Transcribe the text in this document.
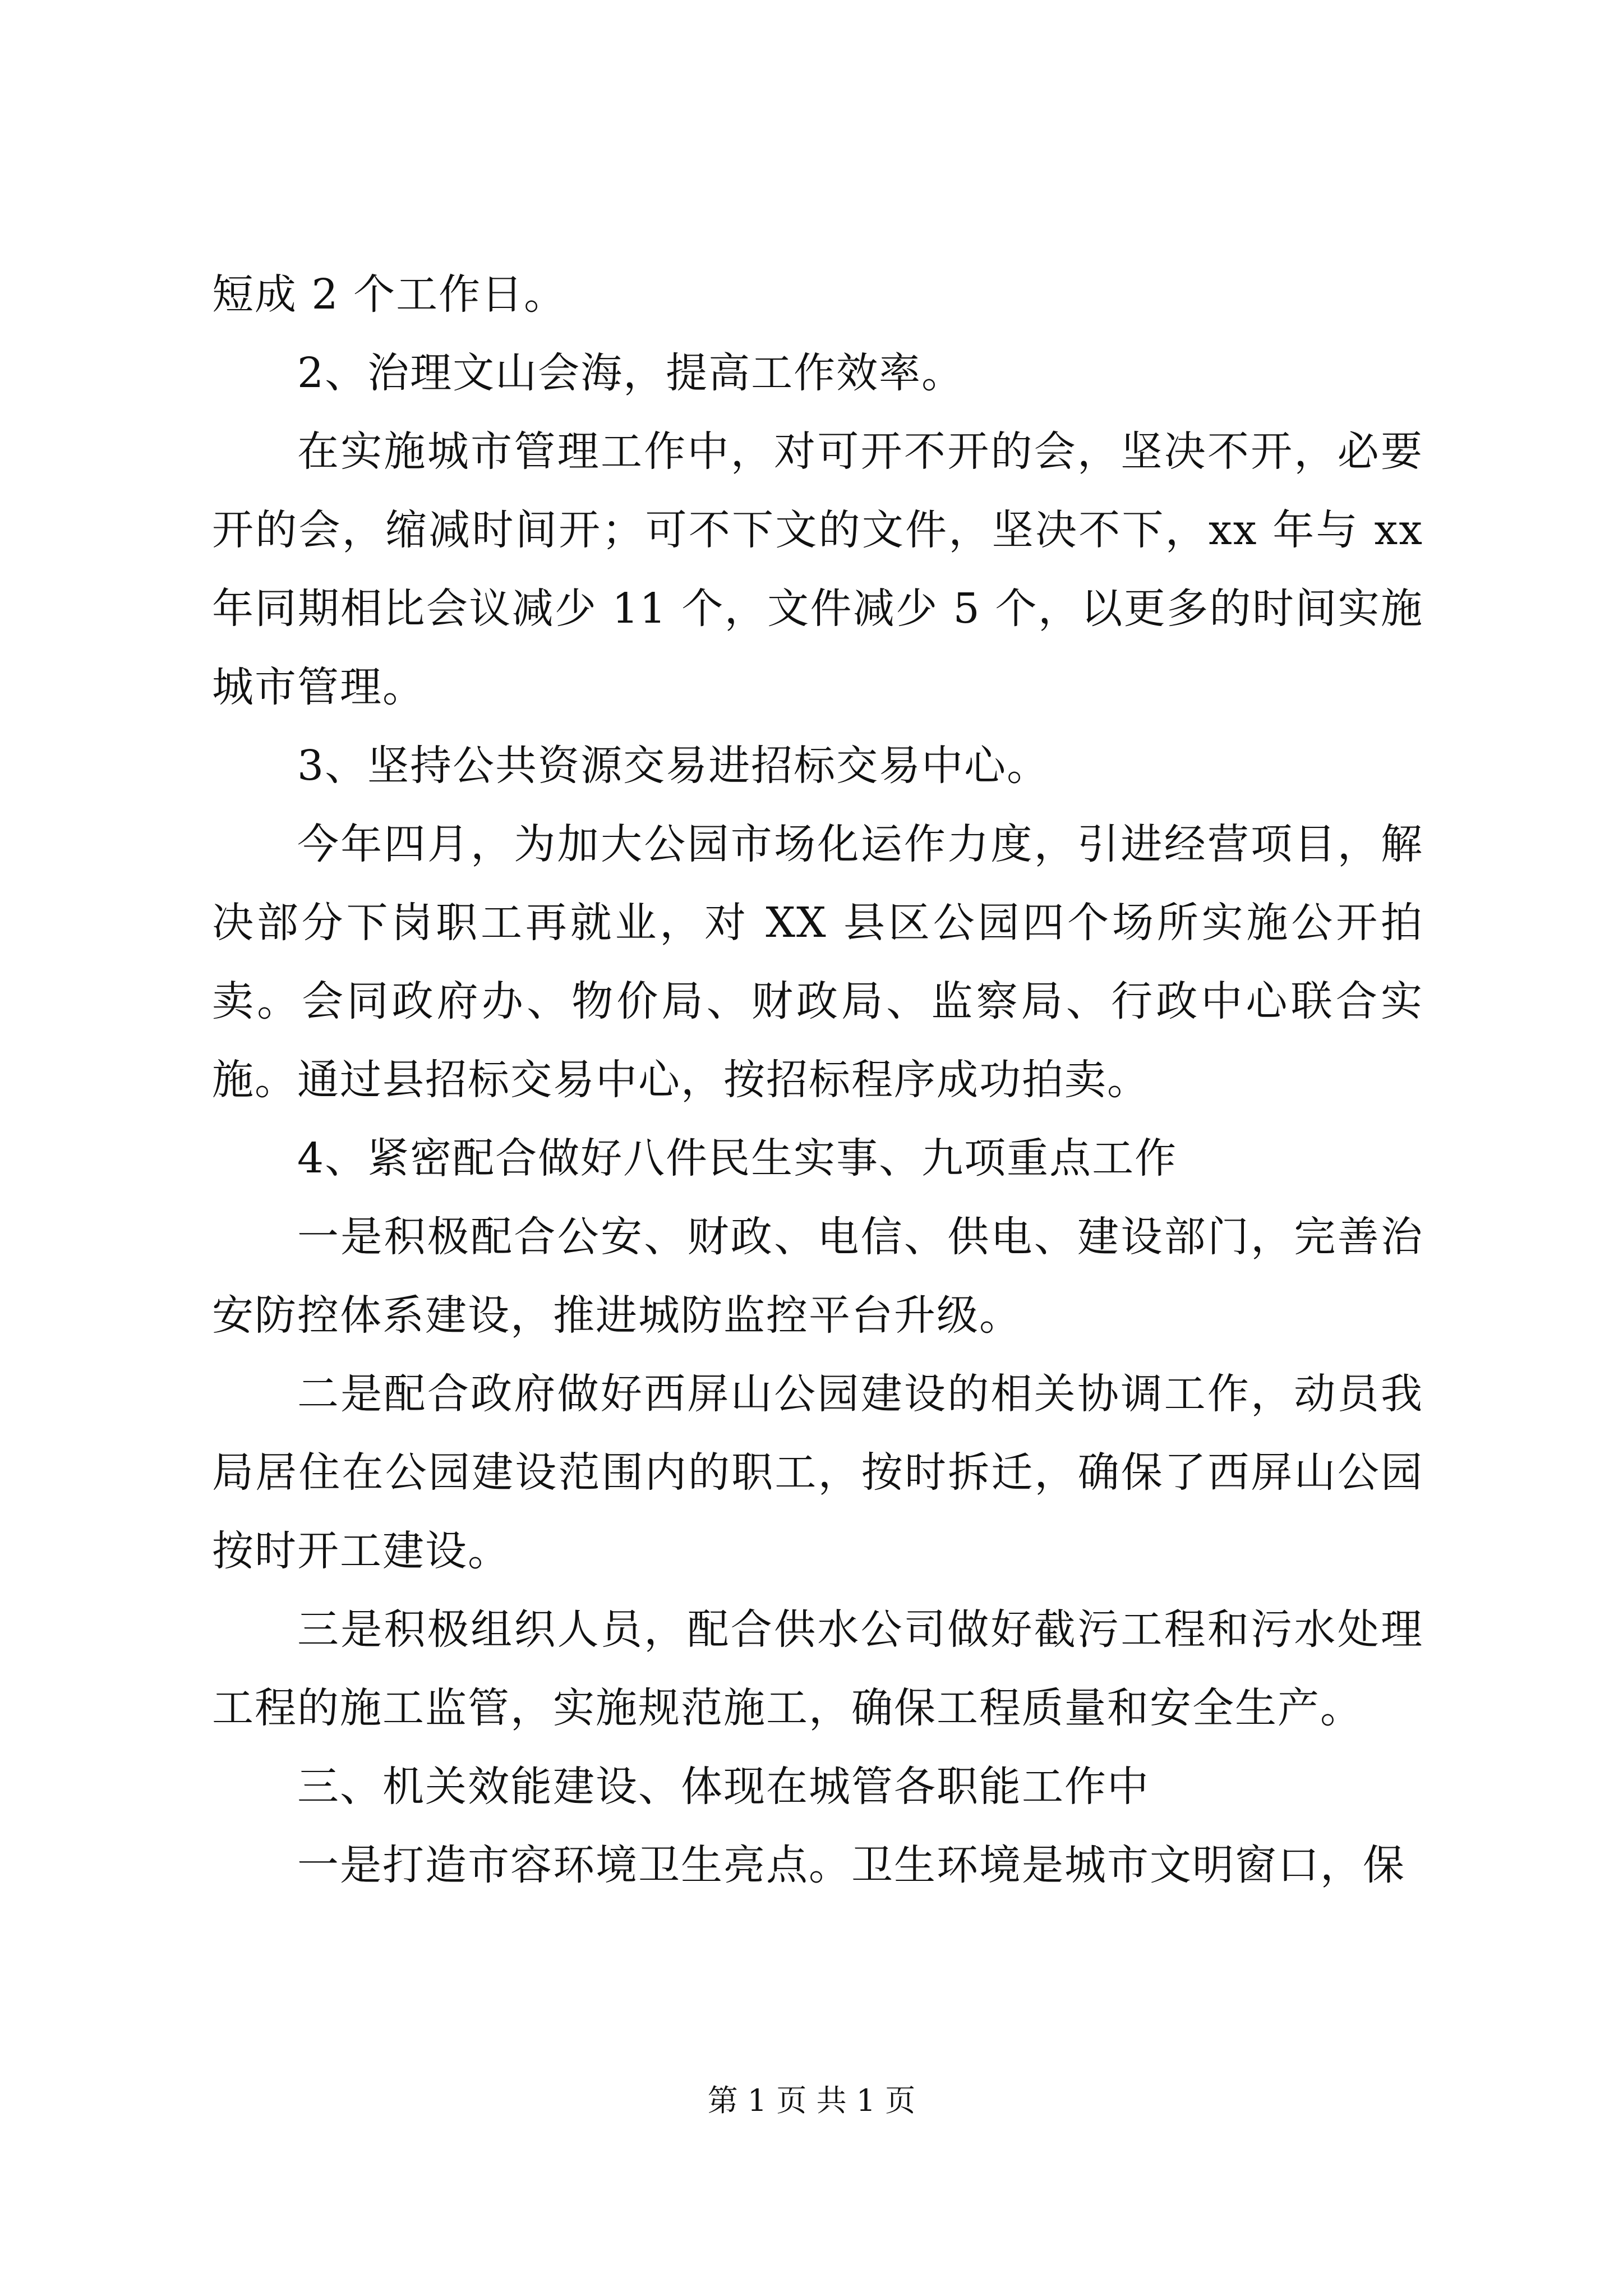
短成 2 个工作日。

2、治理文山会海，提高工作效率。

在实施城市管理工作中，对可开不开的会，坚决不开，必要开的会，缩减时间开；可不下文的文件，坚决不下，xx 年与 xx 年同期相比会议减少 11 个，文件减少 5 个，以更多的时间实施城市管理。

3、坚持公共资源交易进招标交易中心。

今年四月，为加大公园市场化运作力度，引进经营项目，解决部分下岗职工再就业，对 XX 县区公园四个场所实施公开拍卖。会同政府办、物价局、财政局、监察局、行政中心联合实施。通过县招标交易中心，按招标程序成功拍卖。

4、紧密配合做好八件民生实事、九项重点工作

一是积极配合公安、财政、电信、供电、建设部门，完善治安防控体系建设，推进城防监控平台升级。

二是配合政府做好西屏山公园建设的相关协调工作，动员我局居住在公园建设范围内的职工，按时拆迁，确保了西屏山公园按时开工建设。

三是积极组织人员，配合供水公司做好截污工程和污水处理工程的施工监管，实施规范施工，确保工程质量和安全生产。

三、机关效能建设、体现在城管各职能工作中

一是打造市容环境卫生亮点。卫生环境是城市文明窗口，保

第 1 页 共 1 页
